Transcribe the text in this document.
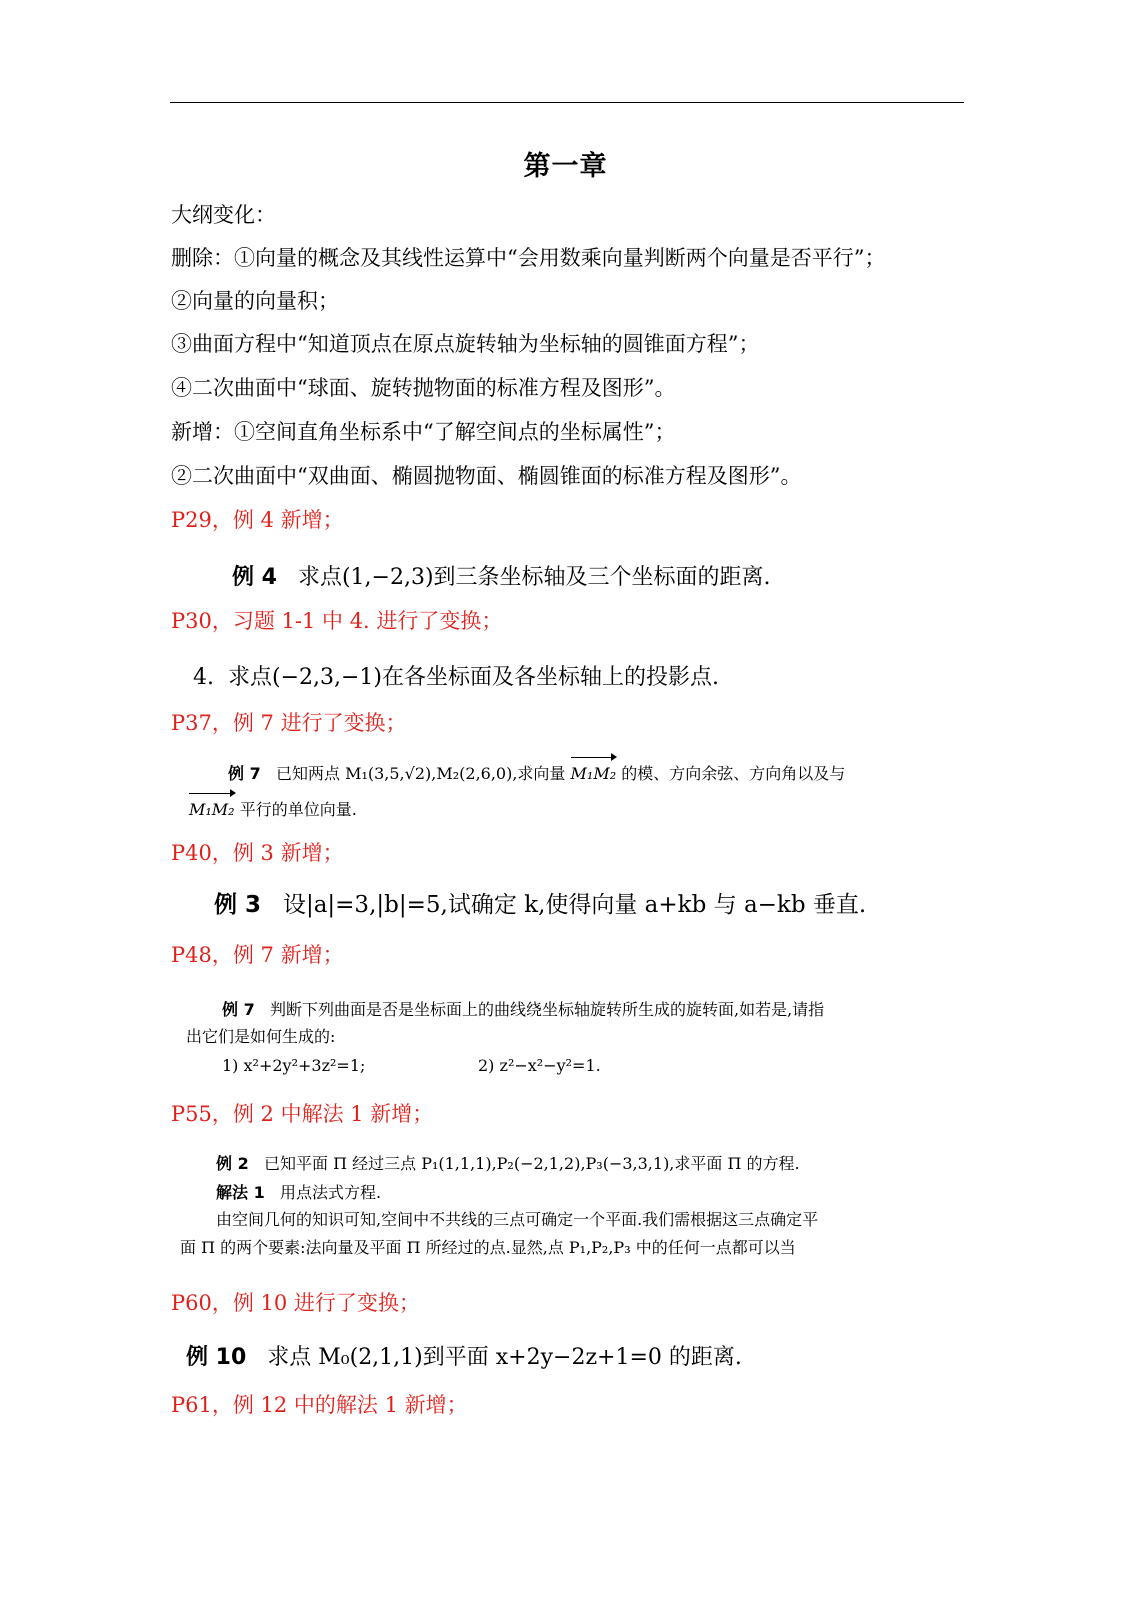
第一章
大纲变化：
删除：①向量的概念及其线性运算中“会用数乘向量判断两个向量是否平行”；
②向量的向量积；
③曲面方程中“知道顶点在原点旋转轴为坐标轴的圆锥面方程”；
④二次曲面中“球面、旋转抛物面的标准方程及图形”。
新增：①空间直角坐标系中“了解空间点的坐标属性”；
②二次曲面中“双曲面、椭圆抛物面、椭圆锥面的标准方程及图形”。
P29，例 4 新增；
例 4 求点(1,−2,3)到三条坐标轴及三个坐标面的距离.
P30，习题 1-1 中 4. 进行了变换；
4. 求点(−2,3,−1)在各坐标面及各坐标轴上的投影点.
P37，例 7 进行了变换；
例 7 已知两点 M₁(3,5,√2),M₂(2,6,0),求向量 M₁M₂ 的模、方向余弦、方向角以及与
M₁M₂ 平行的单位向量.
P40，例 3 新增；
例 3 设|a|=3,|b|=5,试确定 k,使得向量 a+kb 与 a−kb 垂直.
P48，例 7 新增；
例 7 判断下列曲面是否是坐标面上的曲线绕坐标轴旋转所生成的旋转面,如若是,请指
出它们是如何生成的:
1) x²+2y²+3z²=1;	2) z²−x²−y²=1.
P55，例 2 中解法 1 新增；
例 2 已知平面 Π 经过三点 P₁(1,1,1),P₂(−2,1,2),P₃(−3,3,1),求平面 Π 的方程.
解法 1 用点法式方程.
由空间几何的知识可知,空间中不共线的三点可确定一个平面.我们需根据这三点确定平
面 Π 的两个要素:法向量及平面 Π 所经过的点.显然,点 P₁,P₂,P₃ 中的任何一点都可以当
P60，例 10 进行了变换；
例 10 求点 M₀(2,1,1)到平面 x+2y−2z+1=0 的距离.
P61，例 12 中的解法 1 新增；
